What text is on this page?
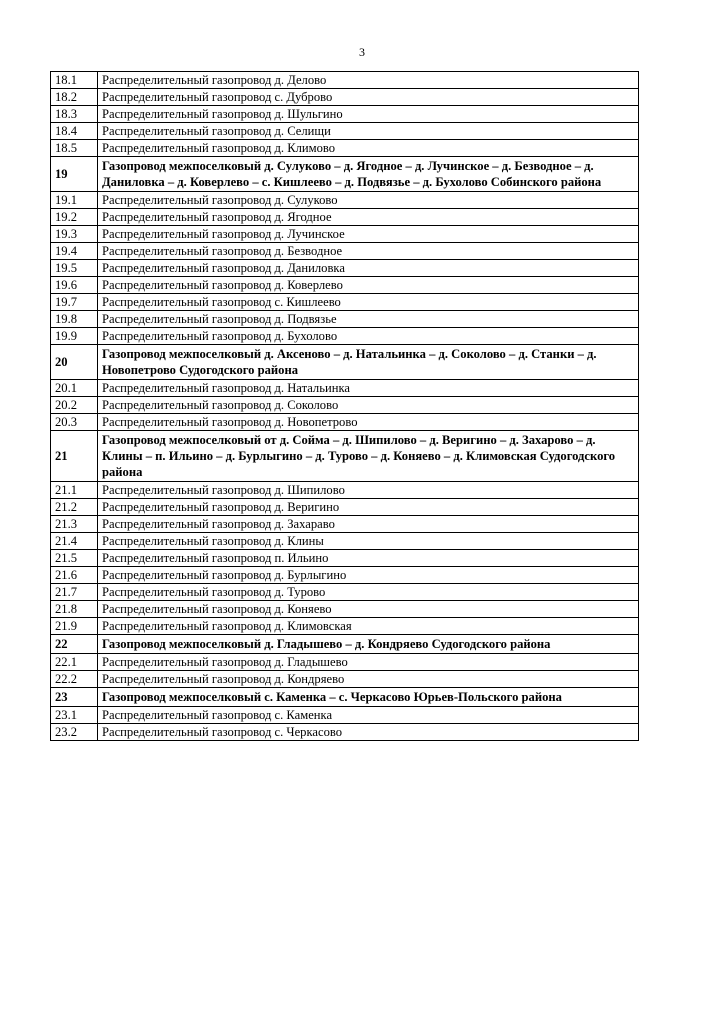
3
18.1	Распределительный газопровод д. Делово
18.2	Распределительный газопровод с. Дуброво
18.3	Распределительный газопровод д. Шульгино
18.4	Распределительный газопровод д. Селищи
18.5	Распределительный газопровод д. Климово
19	Газопровод межпоселковый д. Сулуково – д. Ягодное – д. Лучинское – д. Безводное – д. Даниловка – д. Коверлево – с. Кишлеево – д. Подвязье – д. Бухолово Собинского района
19.1	Распределительный газопровод д. Сулуково
19.2	Распределительный газопровод д. Ягодное
19.3	Распределительный газопровод д. Лучинское
19.4	Распределительный газопровод д. Безводное
19.5	Распределительный газопровод д. Даниловка
19.6	Распределительный газопровод д. Коверлево
19.7	Распределительный газопровод с. Кишлеево
19.8	Распределительный газопровод д. Подвязье
19.9	Распределительный газопровод д. Бухолово
20	Газопровод межпоселковый д. Аксеново – д. Натальинка – д. Соколово – д. Станки – д. Новопетрово Судогодского района
20.1	Распределительный газопровод д. Натальинка
20.2	Распределительный газопровод д. Соколово
20.3	Распределительный газопровод д. Новопетрово
21	Газопровод межпоселковый от д. Сойма – д. Шипилово – д. Веригино – д. Захарово – д. Клины – п. Ильино – д. Бурлыгино – д. Турово – д. Коняево – д. Климовская Судогодского района
21.1	Распределительный газопровод д. Шипилово
21.2	Распределительный газопровод д. Веригино
21.3	Распределительный газопровод д. Захараво
21.4	Распределительный газопровод д. Клины
21.5	Распределительный газопровод п. Ильино
21.6	Распределительный газопровод д. Бурлыгино
21.7	Распределительный газопровод д. Турово
21.8	Распределительный газопровод д. Коняево
21.9	Распределительный газопровод д. Климовская
22	Газопровод межпоселковый д. Гладышево – д. Кондряево Судогодского района
22.1	Распределительный газопровод д. Гладышево
22.2	Распределительный газопровод д. Кондряево
23	Газопровод межпоселковый с. Каменка – с. Черкасово Юрьев-Польского района
23.1	Распределительный газопровод с. Каменка
23.2	Распределительный газопровод с. Черкасово
